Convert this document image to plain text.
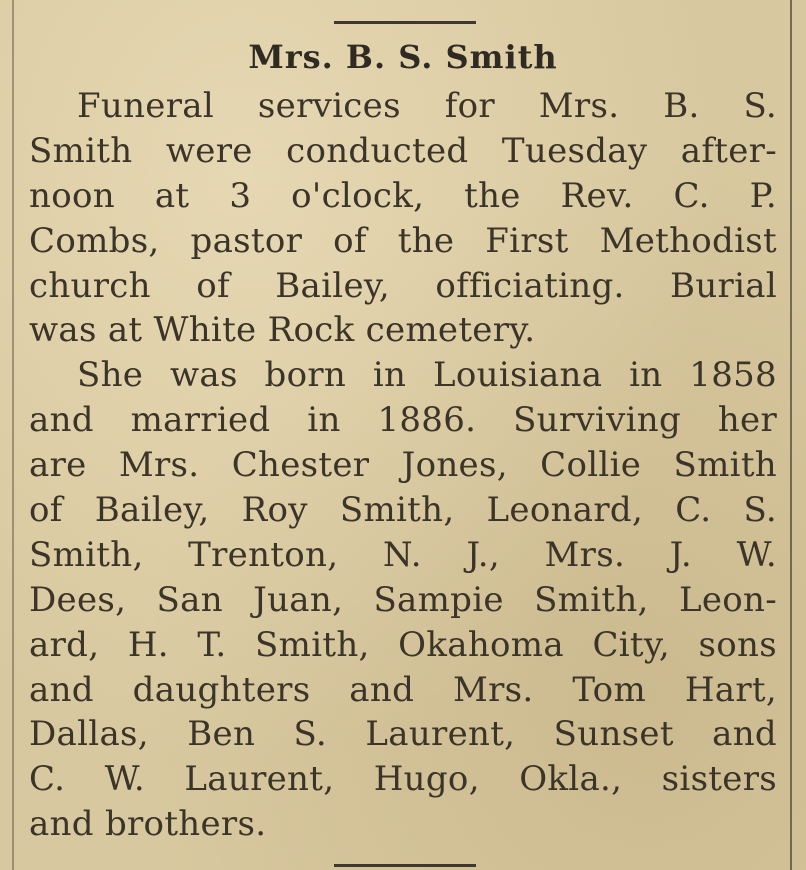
Mrs. B. S. Smith
Funeral services for Mrs. B. S.
Smith were conducted Tuesday after-
noon at 3 o'clock, the Rev. C. P.
Combs, pastor of the First Methodist
church of Bailey, officiating. Burial
was at White Rock cemetery.
She was born in Louisiana in 1858
and married in 1886. Surviving her
are Mrs. Chester Jones, Collie Smith
of Bailey, Roy Smith, Leonard, C. S.
Smith, Trenton, N. J., Mrs. J. W.
Dees, San Juan, Sampie Smith, Leon-
ard, H. T. Smith, Okahoma City, sons
and daughters and Mrs. Tom Hart,
Dallas, Ben S. Laurent, Sunset and
C. W. Laurent, Hugo, Okla., sisters
and brothers.
